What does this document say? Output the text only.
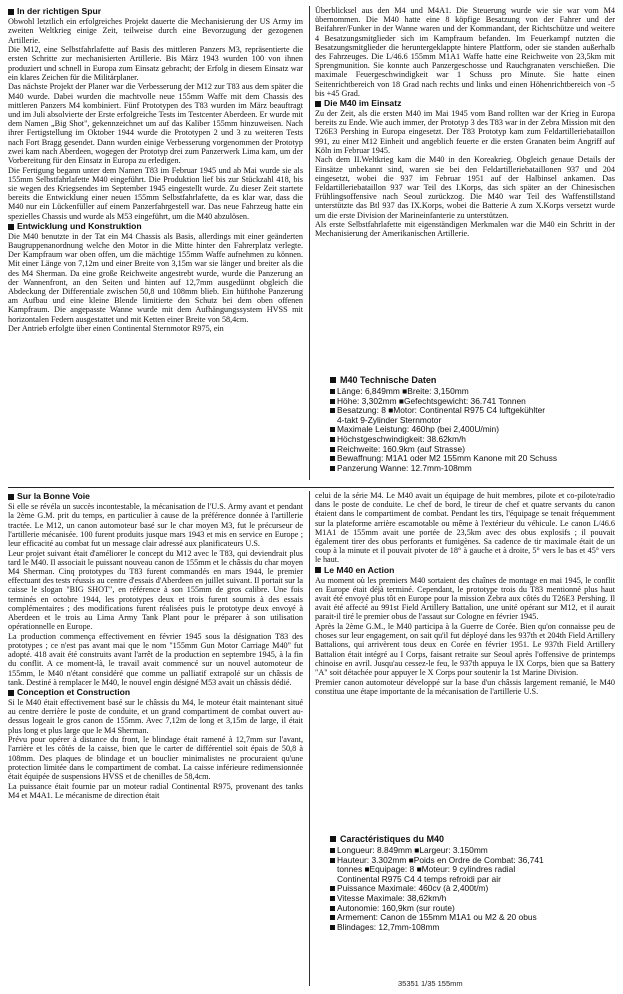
In der richtigen Spur

Obwohl letztlich ein erfolgreiches Projekt dauerte die Mechanisierung der US Army im zweiten Weltkrieg einige Zeit, teilweise durch eine Bevorzugung der gezogenen Artillerie.

Die M12, eine Selbstfahrlafette auf Basis des mittleren Panzers M3, repräsentierte die ersten Schritte zur mechanisierten Artillerie. Bis März 1943 wurden 100 von ihnen produziert und schnell in Europa zum Einsatz gebracht; der Erfolg in diesem Einsatz war ein klares Zeichen für die Militärplaner.

Das nächste Projekt der Planer war die Verbesserung der M12 zur T83 aus dem später die M40 wurde. Dabei wurden die machtvolle neue 155mm Waffe mit dem Chassis des mittleren Panzers M4 kombiniert. Fünf Prototypen des T83 wurden im März beauftragt und im Juli absolvierte der Erste erfolgreiche Tests im Testcenter Aberdeen. Er wurde mit dem Namen „Big Shot", gekennzeichnet um auf das Kaliber 155mm hinzuweisen. Nach ihrer Fertigstellung im Oktober 1944 wurde die Prototypen 2 und 3 zu weiteren Tests nach Fort Bragg gesendet. Dann wurden einige Verbesserung vorgenommen der Prototyp zwei kam nach Aberdeen, wogegen der Prototyp drei zum Panzerwerk Lima kam, um der Vorbereitung für den Einsatz in Europa zu erledigen.

Die Fertigung begann unter dem Namen T83 im Februar 1945 und ab Mai wurde sie als 155mm Selbstfahrlafette M40 eingeführt. Die Produktion lief bis zur Stückzahl 418, bis sie wegen des Kriegsendes im September 1945 eingestellt wurde. Zu dieser Zeit startete bereits die Entwicklung einer neuen 155mm Selbstfahrlafette, da es klar war, dass die M40 nur ein Lückenfüller auf einem Panzerfahrgestell war. Das neue Fahrzeug hatte ein spezielles Chassis und wurde als M53 eingeführt, um die M40 abzulösen.

Entwicklung und Konstruktion

Die M40 benutzte in der Tat ein M4 Chassis als Basis, allerdings mit einer geänderten Baugruppenanordnung welche den Motor in die Mitte hinter den Fahrerplatz verlegte. Der Kampfraum war oben offen, um die mächtige 155mm Waffe aufnehmen zu können. Mit einer Länge von 7,12m und einer Breite von 3,15m war sie länger und breiter als die des M4 Sherman. Da eine große Reichweite angestrebt wurde, wurde die Panzerung an der Wannenfront, an den Seiten und hinten auf 12,7mm ausgedünnt obgleich die Abdeckung der Differentiale zwischen 50,8 und 108mm blieb. Ein hüfthohe Panzerung am Aufbau und eine kleine Blende limitierte den Schutz bei dem oben offenen Kampfraum. Die angepasste Wanne wurde mit dem Aufhängungssystem HVSS mit horizontalen Federn ausgestattet und mit Ketten einer Breite von 58,4cm.

Der Antrieb erfolgte über einen Continental Sternmotor R975, ein

Überblicksel aus den M4 und M4A1. Die Steuerung wurde wie sie war vom M4 übernommen. Die M40 hatte eine 8 köpfige Besatzung von der Fahrer und der Beifahrer/Funker in der Wanne waren und der Kommandant, der Richtschütze und weitere 4 Besatzungsmitglieder sich im Kampfraum befanden. Im Feuerkampf nutzten die Besatzungsmitglieder die heruntergeklappte hintere Plattform, oder sie standen außerhalb des Fahrzeuges. Die L/46.6 155mm M1A1 Waffe hatte eine Reichweite von 23,5km mit Sprengmunition. Sie konnte auch Panzergeschosse und Rauchgranaten verschießen. Die maximale Feuergeschwindigkeit war 1 Schuss pro Minute. Sie hatte einen Seitenrichtbereich von 18 Grad nach rechts und links und einen Höhenrichtbereich von -5 bis +45 Grad.

Die M40 im Einsatz

Zu der Zeit, als die ersten M40 im Mai 1945 vom Band rollten war der Krieg in Europa bereits zu Ende. Wie auch immer, der Prototyp 3 des T83 war in der Zebra Mission mit den T26E3 Pershing in Europa eingesetzt. Der T83 Prototyp kam zum Feldartilleriebataillon 991, zu einer M12 Einheit und angeblich feuerte er die ersten Granaten beim Angriff auf Köln im Februar 1945.

Nach dem II.Weltkrieg kam die M40 in den Koreakrieg. Obgleich genaue Details der Einsätze unbekannt sind, waren sie bei den Feldartilleriebataillonen 937 und 204 eingesetzt, wobei die 937 im Februar 1951 auf der Halbinsel ankamen. Das Feldartilleriebataillon 937 war Teil des I.Korps, das sich später an der Chinesischen Frühlingsoffensive nach Seoul zurückzog. Die M40 war Teil des Waffenstillstand unterstützte das Btl 937 das IX.Korps, wobei die Batterie A zum X.Korps versetzt wurde um die erste Division der Marineinfanterie zu unterstützen.

Als erste Selbstfahrlafette mit eigenständigen Merkmalen war die M40 ein Schritt in der Mechanisierung der Amerikanischen Artillerie.

M40 Technische Daten
Länge: 6,849mm ■Breite: 3,150mm
Höhe: 3,302mm ■Gefechtsgewicht: 36.741 Tonnen
Besatzung: 8 ■Motor: Continental R975 C4 luftgekühlter
4-takt 9-Zylinder Sternmotor
Maximale Leistung: 460hp (bei 2,400U/min)
Höchstgeschwindigkeit: 38.62km/h
Reichweite: 160.9km (auf Strasse)
Bewaffnung: M1A1 oder M2 155mm Kanone mit 20 Schuss
Panzerung Wanne: 12.7mm-108mm
Sur la Bonne Voie

Si elle se révéla un succès incontestable, la mécanisation de l'U.S. Army avant et pendant la 2ème G.M. prit du temps, en particulier à cause de la préférence donnée à l'artillerie tractée. Le M12, un canon automoteur basé sur le char moyen M3, fut le précurseur de l'artillerie mécanisée. 100 furent produits jusque mars 1943 et mis en service en Europe ; leur efficacité au combat fut un message clair adressé aux planificateurs U.S.

Leur projet suivant était d'améliorer le concept du M12 avec le T83, qui deviendrait plus tard le M40. Il associait le puissant nouveau canon de 155mm et le châssis du char moyen M4 Sherman. Cinq prototypes du T83 furent commandés en mars 1944, le premier effectuant des tests réussis au centre d'essais d'Aberdeen en juillet suivant. Il portait sur la caisse le slogan "BIG SHOT", en référence à son 155mm de gros calibre. Une fois terminés en octobre 1944, les prototypes deux et trois furent soumis à des essais complémentaires ; des modifications furent réalisées puis le prototype deux envoyé à Aberdeen et le trois au Lima Army Tank Plant pour le préparer à son utilisation opérationnelle en Europe.

La production commença effectivement en février 1945 sous la désignation T83 des prototypes ; ce n'est pas avant mai que le nom "155mm Gun Motor Carriage M40" fut adopté. 418 avait été construits avant l'arrêt de la production en septembre 1945, à la fin du conflit. A ce moment-là, le travail avait commencé sur un nouvel automoteur de 155mm, le M40 n'étant considéré que comme un palliatif extrapolé sur un châssis de tank. Destiné à remplacer le M40, le nouvel engin désigné M53 avait un châssis dédié.

Conception et Construction

Si le M40 était effectivement basé sur le châssis du M4, le moteur était maintenant situé au centre derrière le poste de conduite, et un grand compartiment de combat ouvert au-dessus logeait le gros canon de 155mm. Avec 7,12m de long et 3,15m de large, il était plus long et plus large que le M4 Sherman.

Prévu pour opérer à distance du front, le blindage était ramené à 12,7mm sur l'avant, l'arrière et les côtés de la caisse, bien que le carter de différentiel soit épais de 50,8 à 108mm. Des plaques de blindage et un bouclier minimalistes ne procuraient qu'une protection limitée dans le compartiment de combat. La caisse inférieure redimensionnée était équipée de suspensions HVSS et de chenilles de 58,4cm.

La puissance était fournie par un moteur radial Continental R975, provenant des tanks M4 et M4A1. Le mécanisme de direction était

celui de la série M4. Le M40 avait un équipage de huit membres, pilote et co-pilote/radio dans le poste de conduite. Le chef de bord, le tireur de chef et quatre servants du canon étaient dans le compartiment de combat. Pendant les tirs, l'équipage se tenait fréquemment sur la plateforme arrière escamotable ou même à l'extérieur du véhicule. Le canon L/46.6 M1A1 de 155mm avait une portée de 23,5km avec des obus explosifs ; il pouvait également tirer des obus perforants et fumigènes. Sa cadence de tir maximale était de un coup à la minute et il pouvait pivoter de 18° à gauche et à droite, 5° vers le bas et 45° vers le haut.

Le M40 en Action

Au moment où les premiers M40 sortaient des chaînes de montage en mai 1945, le conflit en Europe était déjà terminé. Cependant, le prototype trois du T83 mentionné plus haut avait été envoyé plus tôt en Europe pour la mission Zebra aux côtés du T26E3 Pershing. Il avait été affecté au 991st Field Artillery Battalion, une unité opérant sur M12, et il aurait parait-il tiré le premier obus de l'assaut sur Cologne en février 1945.

Après la 2ème G.M., le M40 participa à la Guerre de Corée. Bien qu'on connaisse peu de choses sur leur engagement, on sait qu'il fut déployé dans les 937th et 204th Field Artillery Battalions, qui arrivèrent tous deux en Corée en février 1951. Le 937th Field Artillery Battalion était intégré au I Corps, faisant retraite sur Seoul après l'offensive de printemps chinoise en avril. Jusqu'au cessez-le feu, le 937th appuya le IX Corps, bien que sa Battery "A" soit détachée pour appuyer le X Corps pour soutenir la 1st Marine Division.

Premier canon automoteur développé sur la base d'un châssis largement remanié, le M40 constitua une étape importante de la mécanisation de l'artillerie U.S.

Caractéristiques du M40
Longueur: 8.849mm ■Largeur: 3.150mm
Hauteur: 3.302mm ■Poids en Ordre de Combat: 36,741
tonnes ■Equipage: 8 ■Moteur: 9 cylindres radial
Continental R975 C4 4 temps refroidi par air
Puissance Maximale: 460cv (à 2,400t/m)
Vitesse Maximale: 38,62km/h
Autonomie: 160,9km (sur route)
Armement: Canon de 155mm M1A1 ou M2 & 20 obus
Blindages: 12,7mm-108mm
35351 1/35 155mm
